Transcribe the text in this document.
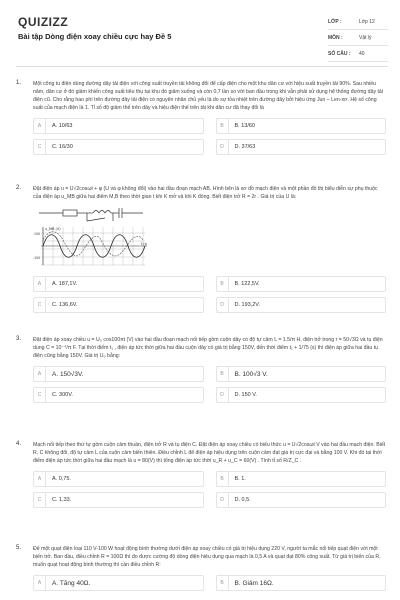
QUIZIZZ
Bài tập Dòng điện xoay chiều cực hay Đề 5
LỚP :	Lớp 12
MÔN :	Vật lý
SỐ CÂU :	40
1. Một công tu điện dùng đường dây tải điện với công suất truyền tải không đổi để cấp điện cho một khu dân cư với hiệu suất truyền tải 90%. Sau nhiều năm, dân cư ở đó giảm khiến công suất tiêu thụ tại khu đó giảm xuống và còn 0,7 lần so với ban đầu trong khi vẫn phải sử dụng hệ thống đường dây tải điện cũ. Cho rằng hao phí trên đường dây tải điện có nguyên nhân chủ yếu là do sự tỏa nhiệt trên đường dây bởi hiệu ứng Jun – Len-xơ. Hệ số công suất của mạch điện là 1. Tỉ số độ giảm thế trên dây và hiệu điện thế trên tải khi dân cư đã thay đổi là
A	A. 10/63	B	B. 13/60
C	C. 16/30	D	D. 37/63
2. Đặt điện áp u = U√2cosωt + φ (U và φ không đổi) vào hai đầu đoạn mạch AB. Hình bên là sơ đồ mạch điện và một phần đồ thị biểu diễn sự phụ thuộc của điện áp u_MB giữa hai điểm M,B theo thời gian t khi K mở và khi K đóng. Biết điện trở R = 2r . Giá trị của U là:
u_MB (V)
100
-100
t (s)
A	A. 187,1V.	B	B. 122,5V.
C	C. 136,6V.	D	D. 193,2V.
3. Đặt điện áp xoay chiều u = U₀ cos100πt (V) vào hai đầu đoạn mạch nối tiếp gồm cuộn dây có độ tự cảm L = 1.5/π H, điện trở trong r = 50√3Ω và tụ điện dung C = 10⁻⁴/π F. Tại thời điểm t₁ , điện áp tức thời giữa hai đầu cuộn dây có giá trị bằng 150V, đến thời điểm t₁ + 1/75 (s) thì điện áp giữa hai đầu tụ điện cũng bằng 150V. Giá trị U₀ bằng:
A	A. 150√3V.	B	B. 100√3 V.
C	C. 300V.	D	D. 150 V.
4. Mạch nối tiếp theo thứ tự gồm cuộn cảm thuần, điện trở R và tụ điện C. Đặt điện áp xoay chiều có biểu thức u = U√2cosωt V vào hai đầu mạch điện. Biết R, C không đổi, độ tự cảm L của cuộn cảm biến thiên. Điều chỉnh L để điện áp hiệu dụng trên cuộn cảm đạt giá trị cực đại và bằng 100 V. Khi đó tại thời điểm điện áp tức thời giữa hai đầu mạch là u = 80(V) thì tổng điện áp tức thời u_R + u_C = 60(V) . Tính tỉ số R/Z_C .
A	A. 0,75.	B	B. 1.
C	C. 1,33.	D	D. 0,5.
5. Để một quạt điện loại 110 V-100 W hoạt động bình thường dưới điện áp xoay chiều có giá trị hiệu dụng 220 V, người ta mắc nối tiếp quạt điện với một biến trở. Ban đầu, điều chỉnh R = 100Ω thì đo được cường độ dòng điện hiệu dụng qua mạch là 0,5 A và quạt đạt 80% công suất. Từ giá trị biến của R, muốn quạt hoạt động bình thường thì cần điều chỉnh R:
A	A. Tăng 40Ω.	B	B. Giảm 16Ω.
